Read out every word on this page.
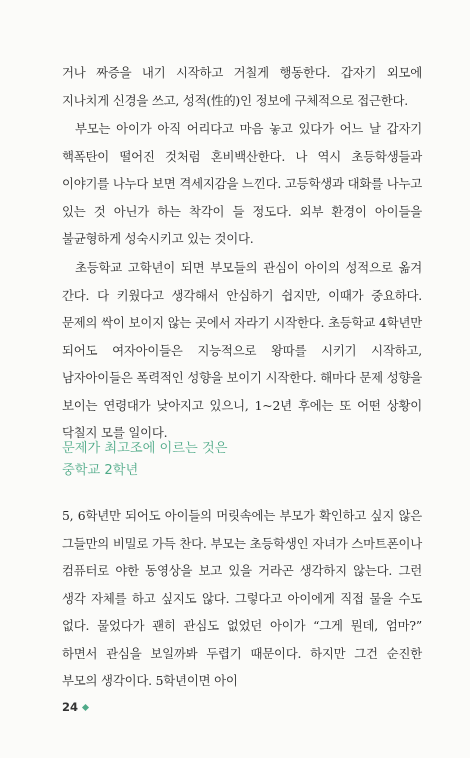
거나 짜증을 내기 시작하고 거칠게 행동한다. 갑자기 외모에 지나치게 신경을 쓰고, 성적(性的)인 정보에 구체적으로 접근한다.

부모는 아이가 아직 어리다고 마음 놓고 있다가 어느 날 갑자기 핵폭탄이 떨어진 것처럼 혼비백산한다. 나 역시 초등학생들과 이야기를 나누다 보면 격세지감을 느낀다. 고등학생과 대화를 나누고 있는 것 아닌가 하는 착각이 들 정도다. 외부 환경이 아이들을 불균형하게 성숙시키고 있는 것이다.

초등학교 고학년이 되면 부모들의 관심이 아이의 성적으로 옮겨 간다. 다 키웠다고 생각해서 안심하기 쉽지만, 이때가 중요하다. 문제의 싹이 보이지 않는 곳에서 자라기 시작한다. 초등학교 4학년만 되어도 여자아이들은 지능적으로 왕따를 시키기 시작하고, 남자아이들은 폭력적인 성향을 보이기 시작한다. 해마다 문제 성향을 보이는 연령대가 낮아지고 있으니, 1~2년 후에는 또 어떤 상황이 닥칠지 모를 일이다.

문제가 최고조에 이르는 것은
중학교 2학년

5, 6학년만 되어도 아이들의 머릿속에는 부모가 확인하고 싶지 않은 그들만의 비밀로 가득 찬다. 부모는 초등학생인 자녀가 스마트폰이나 컴퓨터로 야한 동영상을 보고 있을 거라곤 생각하지 않는다. 그런 생각 자체를 하고 싶지도 않다. 그렇다고 아이에게 직접 물을 수도 없다. 물었다가 괜히 관심도 없었던 아이가 “그게 뭔데, 엄마?” 하면서 관심을 보일까봐 두렵기 때문이다. 하지만 그건 순진한 부모의 생각이다. 5학년이면 아이

24
